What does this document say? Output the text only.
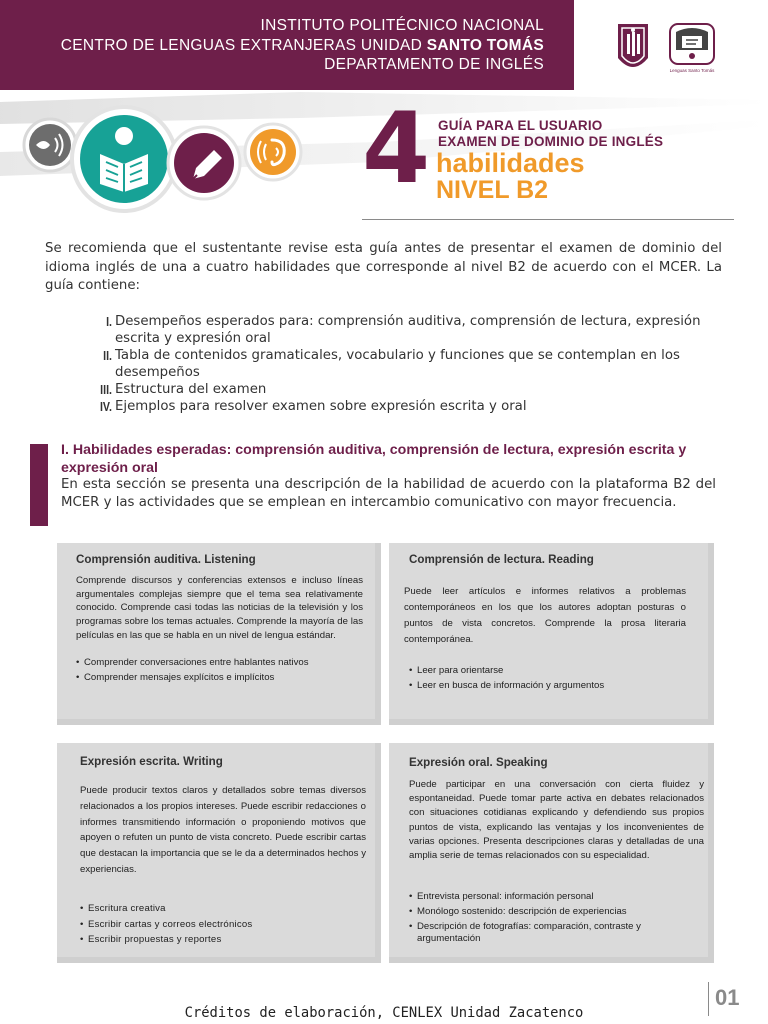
INSTITUTO POLITÉCNICO NACIONAL
CENTRO DE LENGUAS EXTRANJERAS UNIDAD SANTO TOMÁS
DEPARTAMENTO DE INGLÉS	Lenguas Santo Tomás
4 GUÍA PARA EL USUARIO
EXAMEN DE DOMINIO DE INGLÉS
habilidades
NIVEL B2

Se recomienda que el sustentante revise esta guía antes de presentar el examen de dominio del idioma inglés de una a cuatro habilidades que corresponde al nivel B2 de acuerdo con el MCER. La guía contiene:

I. Desempeños esperados para: comprensión auditiva, comprensión de lectura, expresión escrita y expresión oral
II. Tabla de contenidos gramaticales, vocabulario y funciones que se contemplan en los desempeños
III. Estructura del examen
IV. Ejemplos para resolver examen sobre expresión escrita y oral
I. Habilidades esperadas: comprensión auditiva, comprensión de lectura, expresión escrita y expresión oral

En esta sección se presenta una descripción de la habilidad de acuerdo con la plataforma B2 del MCER y las actividades que se emplean en intercambio comunicativo con mayor frecuencia.

Comprensión auditiva. Listening
Comprende discursos y conferencias extensos e incluso líneas argumentales complejas siempre que el tema sea relativamente conocido. Comprende casi todas las noticias de la televisión y los programas sobre los temas actuales. Comprende la mayoría de las películas en las que se habla en un nivel de lengua estándar.
• Comprender conversaciones entre hablantes nativos
• Comprender mensajes explícitos e implícitos
Comprensión de lectura. Reading
Puede leer artículos e informes relativos a problemas contemporáneos en los que los autores adoptan posturas o puntos de vista concretos. Comprende la prosa literaria contemporánea.
• Leer para orientarse
• Leer en busca de información y argumentos
Expresión escrita. Writing
Puede producir textos claros y detallados sobre temas diversos relacionados a los propios intereses. Puede escribir redacciones o informes transmitiendo información o proponiendo motivos que apoyen o refuten un punto de vista concreto. Puede escribir cartas que destacan la importancia que se le da a determinados hechos y experiencias.
• Escritura creativa
• Escribir cartas y correos electrónicos
• Escribir propuestas y reportes
Expresión oral. Speaking
Puede participar en una conversación con cierta fluidez y espontaneidad. Puede tomar parte activa en debates relacionados con situaciones cotidianas explicando y defendiendo sus propios puntos de vista, explicando las ventajas y los inconvenientes de varias opciones. Presenta descripciones claras y detalladas de una amplia serie de temas relacionados con su especialidad.
• Entrevista personal: información personal
• Monólogo sostenido: descripción de experiencias
• Descripción de fotografías: comparación, contraste y argumentación
Créditos de elaboración, CENLEX Unidad Zacatenco
01
